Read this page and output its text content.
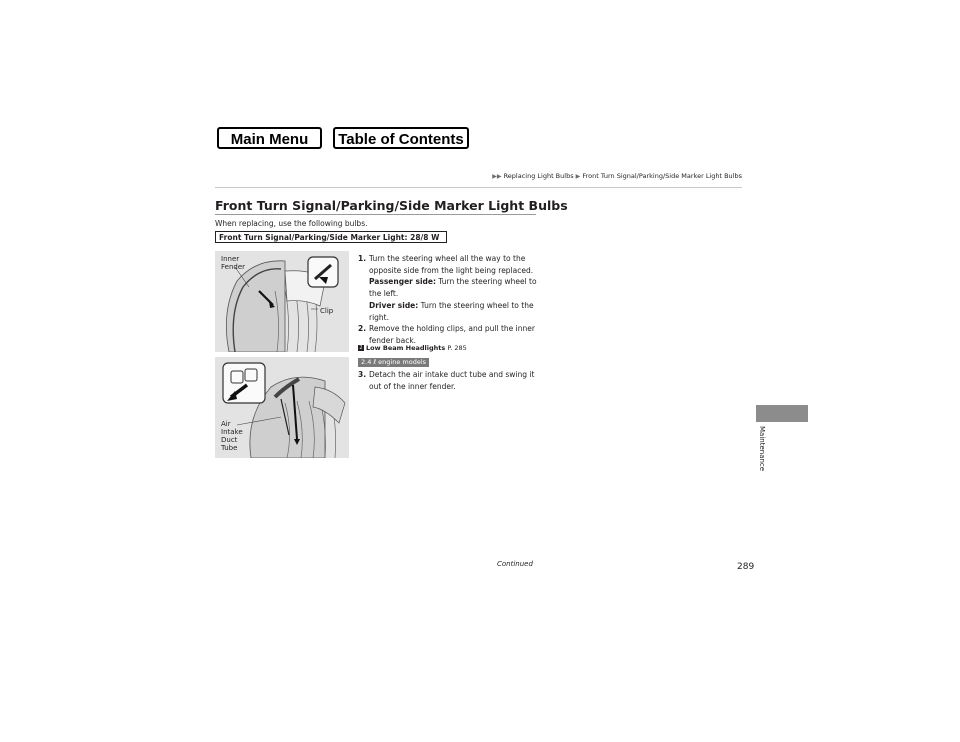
Main Menu	Table of Contents
▶▶ Replacing Light Bulbs ▶ Front Turn Signal/Parking/Side Marker Light Bulbs
Front Turn Signal/Parking/Side Marker Light Bulbs
When replacing, use the following bulbs.
Front Turn Signal/Parking/Side Marker Light: 28/8 W
Inner
Fender
Clip
Air
Intake
Duct
Tube
1. Turn the steering wheel all the way to the opposite side from the light being replaced.
Passenger side: Turn the steering wheel to the left.
Driver side: Turn the steering wheel to the right.
2. Remove the holding clips, and pull the inner fender back.
2 Low Beam Headlights P. 285
2.4 ℓ engine models
3. Detach the air intake duct tube and swing it out of the inner fender.
Maintenance
Continued	289
